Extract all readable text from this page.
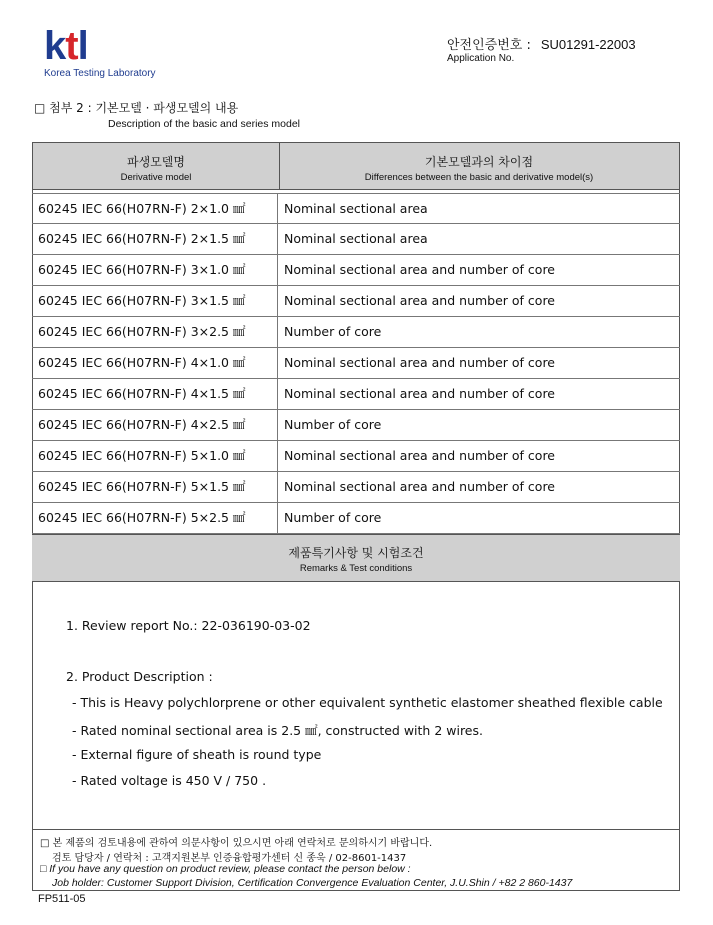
ktl
Korea Testing Laboratory
안전인증번호 : SU01291-22003
Application No.
□ 첨부 2 : 기본모델 · 파생모델의 내용
Description of the basic and series model
파생모델명
Derivative model
기본모델과의 차이점
Differences between the basic and derivative model(s)
60245 IEC 66(H07RN-F) 2×1.0 ㎟	Nominal sectional area
60245 IEC 66(H07RN-F) 2×1.5 ㎟	Nominal sectional area
60245 IEC 66(H07RN-F) 3×1.0 ㎟	Nominal sectional area and number of core
60245 IEC 66(H07RN-F) 3×1.5 ㎟	Nominal sectional area and number of core
60245 IEC 66(H07RN-F) 3×2.5 ㎟	Number of core
60245 IEC 66(H07RN-F) 4×1.0 ㎟	Nominal sectional area and number of core
60245 IEC 66(H07RN-F) 4×1.5 ㎟	Nominal sectional area and number of core
60245 IEC 66(H07RN-F) 4×2.5 ㎟	Number of core
60245 IEC 66(H07RN-F) 5×1.0 ㎟	Nominal sectional area and number of core
60245 IEC 66(H07RN-F) 5×1.5 ㎟	Nominal sectional area and number of core
60245 IEC 66(H07RN-F) 5×2.5 ㎟	Number of core
제품특기사항 및 시험조건
Remarks & Test conditions
1. Review report No.: 22-036190-03-02
2. Product Description :
- This is Heavy polychlorprene or other equivalent synthetic elastomer sheathed flexible cable
- Rated nominal sectional area is 2.5 ㎟, constructed with 2 wires.
- External figure of sheath is round type
- Rated voltage is 450 V / 750 .
□ 본 제품의 검토내용에 관하여 의문사항이 있으시면 아래 연락처로 문의하시기 바랍니다.
검토 담당자 / 연락처 : 고객지원본부 인증융합평가센터 신 종욱 / 02-8601-1437
□ If you have any question on product review, please contact the person below :
Job holder: Customer Support Division, Certification Convergence Evaluation Center, J.U.Shin / +82 2 860-1437
FP511-05
